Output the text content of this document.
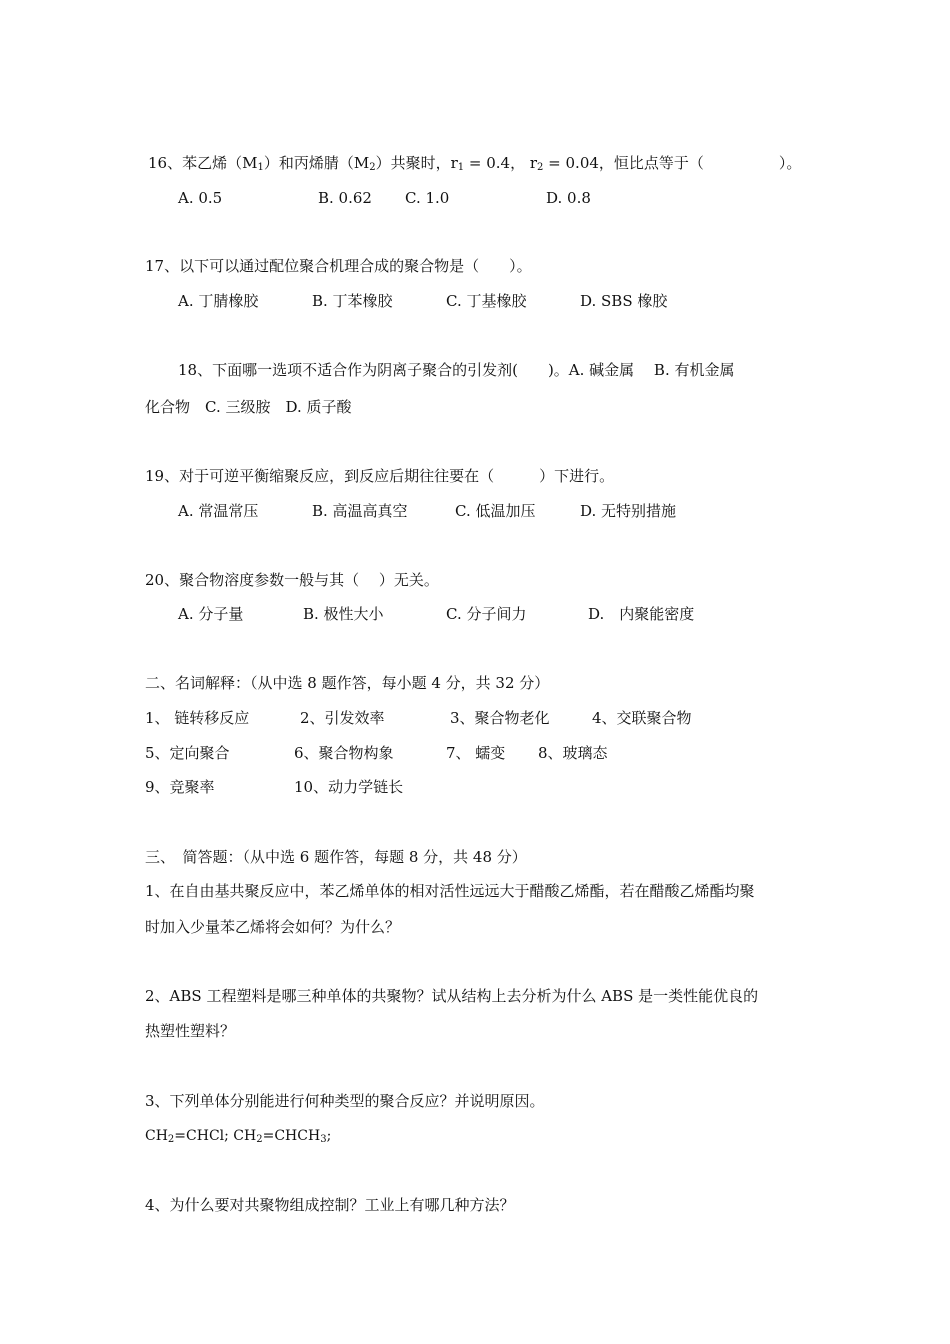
16、苯乙烯$(M_1)$和丙烯腈$(M_2)$共聚时，$r_1 = 0.4$， $r_2 = 0.04$，恒比点等于（　　　　　）。
A. 0.5	B. 0.62 C. 1.0	D. 0.8
17、以下可以通过配位聚合机理合成的聚合物是（　　）。
A. 丁腈橡胶	B. 丁苯橡胶	C. 丁基橡胶	D. SBS 橡胶
18、下面哪一选项不适合作为阴离子聚合的引发剂(　　)。A. 碱金属　 B. 有机金属
化合物　C. 三级胺　D. 质子酸
19、对于可逆平衡缩聚反应，到反应后期往往要在（　　　）下进行。
A. 常温常压	B. 高温高真空	C. 低温加压	D. 无特别措施
20、聚合物溶度参数一般与其（　 ）无关。
A. 分子量	B. 极性大小	C. 分子间力	D.　内聚能密度
二、名词解释：（从中选 8 题作答，每小题 4 分，共 32 分）
1、 链转移反应	2、引发效率	3、聚合物老化	4、交联聚合物
5、定向聚合	6、聚合物构象	7、 蠕变 8、玻璃态
9、竞聚率	10、动力学链长
三、　简答题：（从中选 6 题作答，每题 8 分，共 48 分）
1、在自由基共聚反应中，苯乙烯单体的相对活性远远大于醋酸乙烯酯，若在醋酸乙烯酯均聚
时加入少量苯乙烯将会如何？为什么？
2、ABS 工程塑料是哪三种单体的共聚物？试从结构上去分析为什么 ABS 是一类性能优良的
热塑性塑料？
3、下列单体分别能进行何种类型的聚合反应？并说明原因。
$CH_2=CHCl$; $CH_2=CHCH_3$;
4、为什么要对共聚物组成控制？工业上有哪几种方法？
